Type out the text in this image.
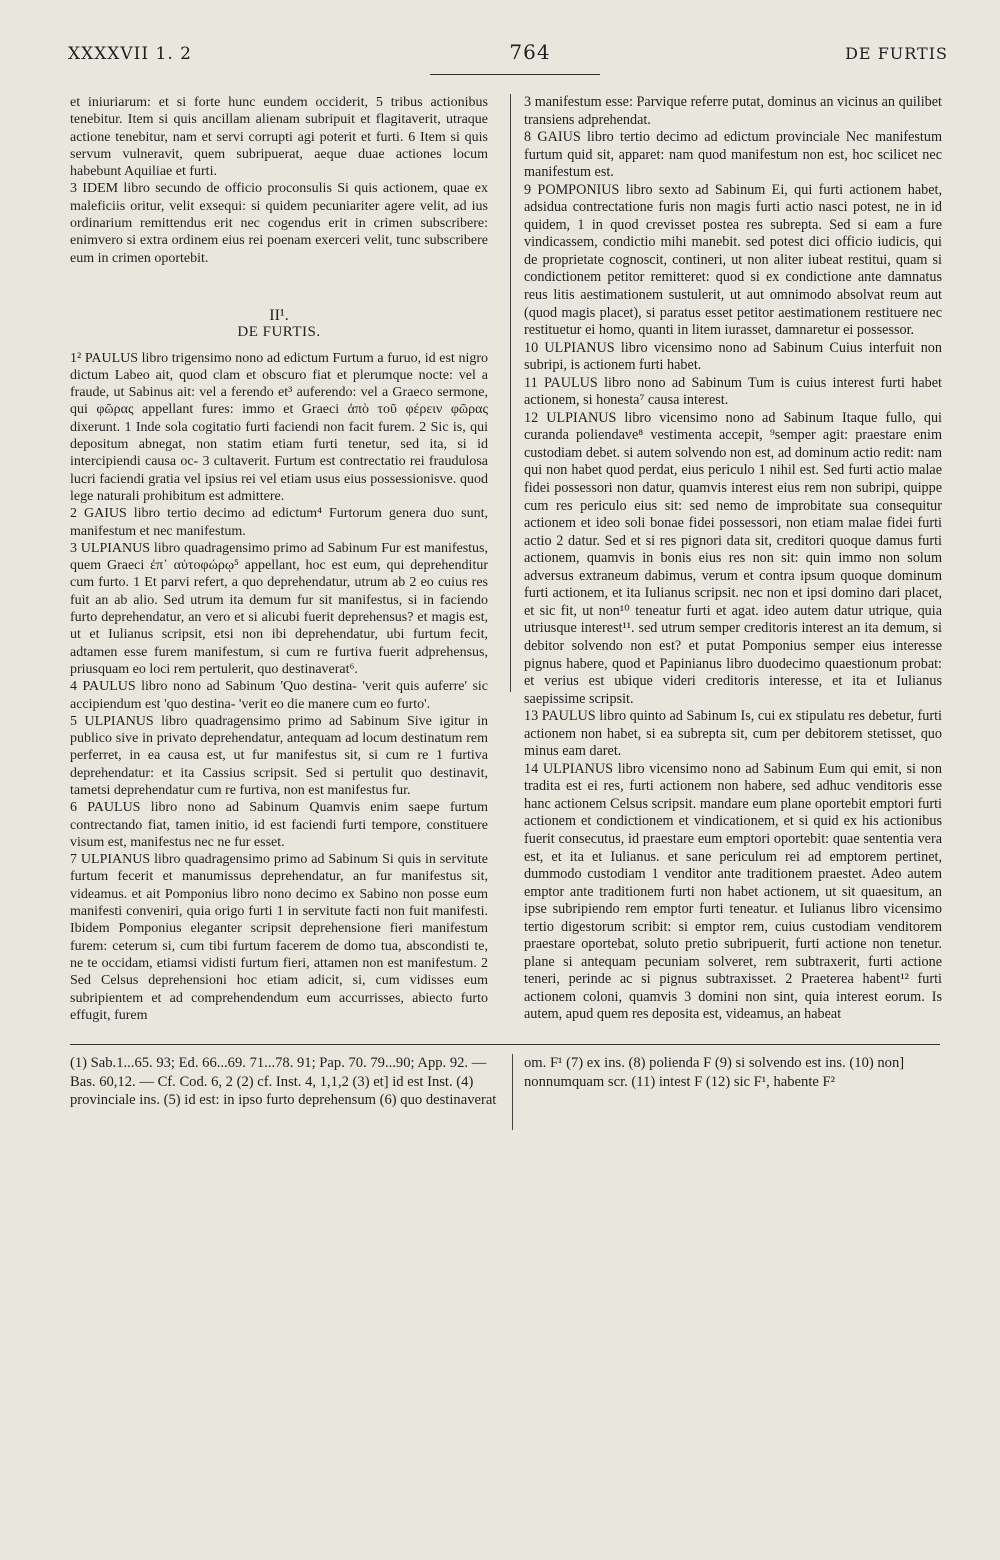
XXXXVII 1. 2	764	DE FURTIS

et iniuriarum: et si forte hunc eundem occiderit, 5 tribus actionibus tenebitur. Item si quis ancillam alienam subripuit et flagitaverit, utraque actione tenebitur, nam et servi corrupti agi poterit et furti. 6 Item si quis servum vulneravit, quem subripuerat, aeque duae actiones locum habebunt Aquiliae et furti.

3 IDEM libro secundo de officio proconsulis Si quis actionem, quae ex maleficiis oritur, velit exsequi: si quidem pecuniariter agere velit, ad ius ordinarium remittendus erit nec cogendus erit in crimen subscribere: enimvero si extra ordinem eius rei poenam exerceri velit, tunc subscribere eum in crimen oportebit.

II¹.
DE FURTIS.

1² PAULUS libro trigensimo nono ad edictum Furtum a furuo, id est nigro dictum Labeo ait, quod clam et obscuro fiat et plerumque nocte: vel a fraude, ut Sabinus ait: vel a ferendo et³ auferendo: vel a Graeco sermone, qui φῶρας appellant fures: immo et Graeci ἀπὸ τοῦ φέρειν φῶρας dixerunt. 1 Inde sola cogitatio furti faciendi non facit furem. 2 Sic is, qui depositum abnegat, non statim etiam furti tenetur, sed ita, si id intercipiendi causa oc- 3 cultaverit. Furtum est contrectatio rei fraudulosa lucri faciendi gratia vel ipsius rei vel etiam usus eius possessionisve. quod lege naturali prohibitum est admittere.

2 GAIUS libro tertio decimo ad edictum⁴ Furtorum genera duo sunt, manifestum et nec manifestum.

3 ULPIANUS libro quadragensimo primo ad Sabinum Fur est manifestus, quem Graeci ἐπ᾽ αὐτοφώρῳ⁵ appellant, hoc est eum, qui deprehenditur cum furto. 1 Et parvi refert, a quo deprehendatur, utrum ab 2 eo cuius res fuit an ab alio. Sed utrum ita demum fur sit manifestus, si in faciendo furto deprehendatur, an vero et si alicubi fuerit deprehensus? et magis est, ut et Iulianus scripsit, etsi non ibi deprehendatur, ubi furtum fecit, adtamen esse furem manifestum, si cum re furtiva fuerit adprehensus, priusquam eo loci rem pertulerit, quo destinaverat⁶.

4 PAULUS libro nono ad Sabinum 'Quo destina- 'verit quis auferre' sic accipiendum est 'quo destina- 'verit eo die manere cum eo furto'.

5 ULPIANUS libro quadragensimo primo ad Sabinum Sive igitur in publico sive in privato deprehendatur, antequam ad locum destinatum rem perferret, in ea causa est, ut fur manifestus sit, si cum re 1 furtiva deprehendatur: et ita Cassius scripsit. Sed si pertulit quo destinavit, tametsi deprehendatur cum re furtiva, non est manifestus fur.

6 PAULUS libro nono ad Sabinum Quamvis enim saepe furtum contrectando fiat, tamen initio, id est faciendi furti tempore, constituere visum est, manifestus nec ne fur esset.

7 ULPIANUS libro quadragensimo primo ad Sabinum Si quis in servitute furtum fecerit et manumissus deprehendatur, an fur manifestus sit, videamus. et ait Pomponius libro nono decimo ex Sabino non posse eum manifesti conveniri, quia origo furti 1 in servitute facti non fuit manifesti. Ibidem Pomponius eleganter scripsit deprehensione fieri manifestum furem: ceterum si, cum tibi furtum facerem de domo tua, abscondisti te, ne te occidam, etiamsi vidisti furtum fieri, attamen non est manifestum. 2 Sed Celsus deprehensioni hoc etiam adicit, si, cum vidisses eum subripientem et ad comprehendendum eum accurrisses, abiecto furto effugit, furem

3 manifestum esse: Parvique referre putat, dominus an vicinus an quilibet transiens adprehendat.

8 GAIUS libro tertio decimo ad edictum provinciale Nec manifestum furtum quid sit, apparet: nam quod manifestum non est, hoc scilicet nec manifestum est.

9 POMPONIUS libro sexto ad Sabinum Ei, qui furti actionem habet, adsidua contrectatione furis non magis furti actio nasci potest, ne in id quidem, 1 in quod crevisset postea res subrepta. Sed si eam a fure vindicassem, condictio mihi manebit. sed potest dici officio iudicis, qui de proprietate cognoscit, contineri, ut non aliter iubeat restitui, quam si condictionem petitor remitteret: quod si ex condictione ante damnatus reus litis aestimationem sustulerit, ut aut omnimodo absolvat reum aut (quod magis placet), si paratus esset petitor aestimationem restituere nec restituetur ei homo, quanti in litem iurasset, damnaretur ei possessor.

10 ULPIANUS libro vicensimo nono ad Sabinum Cuius interfuit non subripi, is actionem furti habet.

11 PAULUS libro nono ad Sabinum Tum is cuius interest furti habet actionem, si honesta⁷ causa interest.

12 ULPIANUS libro vicensimo nono ad Sabinum Itaque fullo, qui curanda poliendave⁸ vestimenta accepit, ⁹semper agit: praestare enim custodiam debet. si autem solvendo non est, ad dominum actio redit: nam qui non habet quod perdat, eius periculo 1 nihil est. Sed furti actio malae fidei possessori non datur, quamvis interest eius rem non subripi, quippe cum res periculo eius sit: sed nemo de improbitate sua consequitur actionem et ideo soli bonae fidei possessori, non etiam malae fidei furti actio 2 datur. Sed et si res pignori data sit, creditori quoque damus furti actionem, quamvis in bonis eius res non sit: quin immo non solum adversus extraneum dabimus, verum et contra ipsum quoque dominum furti actionem, et ita Iulianus scripsit. nec non et ipsi domino dari placet, et sic fit, ut non¹⁰ teneatur furti et agat. ideo autem datur utrique, quia utriusque interest¹¹. sed utrum semper creditoris interest an ita demum, si debitor solvendo non est? et putat Pomponius semper eius interesse pignus habere, quod et Papinianus libro duodecimo quaestionum probat: et verius est ubique videri creditoris interesse, et ita et Iulianus saepissime scripsit.

13 PAULUS libro quinto ad Sabinum Is, cui ex stipulatu res debetur, furti actionem non habet, si ea subrepta sit, cum per debitorem stetisset, quo minus eam daret.

14 ULPIANUS libro vicensimo nono ad Sabinum Eum qui emit, si non tradita est ei res, furti actionem non habere, sed adhuc venditoris esse hanc actionem Celsus scripsit. mandare eum plane oportebit emptori furti actionem et condictionem et vindicationem, et si quid ex his actionibus fuerit consecutus, id praestare eum emptori oportebit: quae sententia vera est, et ita et Iulianus. et sane periculum rei ad emptorem pertinet, dummodo custodiam 1 venditor ante traditionem praestet. Adeo autem emptor ante traditionem furti non habet actionem, ut sit quaesitum, an ipse subripiendo rem emptor furti teneatur. et Iulianus libro vicensimo tertio digestorum scribit: si emptor rem, cuius custodiam venditorem praestare oportebat, soluto pretio subripuerit, furti actione non tenetur. plane si antequam pecuniam solveret, rem subtraxerit, furti actione teneri, perinde ac si pignus subtraxisset. 2 Praeterea habent¹² furti actionem coloni, quamvis 3 domini non sint, quia interest eorum. Is autem, apud quem res deposita est, videamus, an habeat

(1) Sab.1...65. 93; Ed. 66...69. 71...78. 91; Pap. 70. 79...90; App. 92. — Bas. 60,12. — Cf. Cod. 6, 2 (2) cf. Inst. 4, 1,1,2 (3) et] id est Inst. (4) provinciale ins. (5) id est: in ipso furto deprehensum (6) quo destinaverat
om. F¹ (7) ex ins. (8) polienda F (9) si solvendo est ins. (10) non] nonnumquam scr. (11) intest F (12) sic F¹, habente F²
